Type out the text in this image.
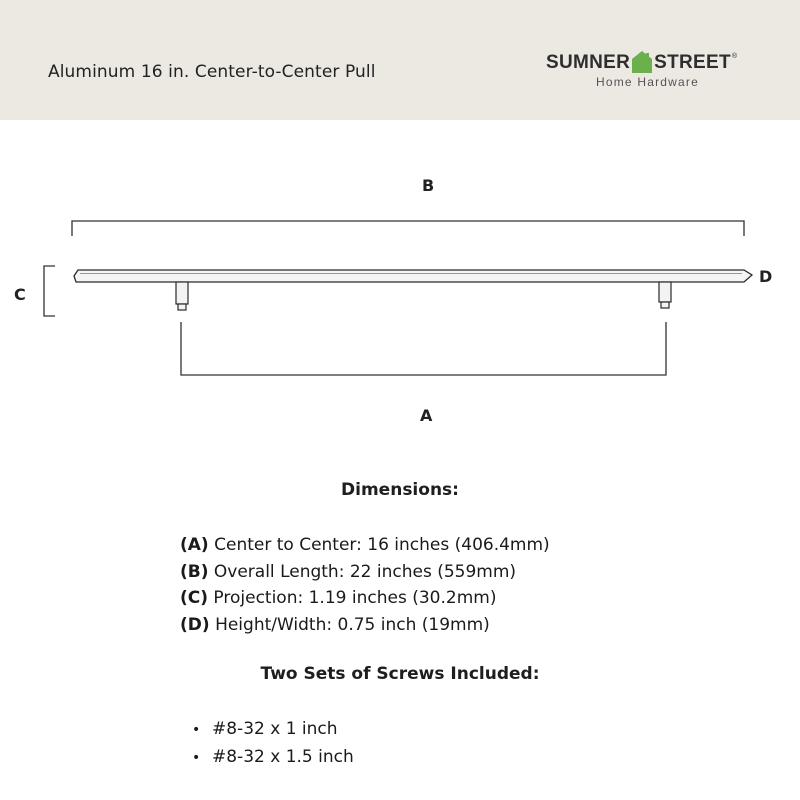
Aluminum 16 in. Center-to-Center Pull	SUMNER STREET®
Home Hardware
B
C
D
A
Dimensions:
(A) Center to Center: 16 inches (406.4mm)
(B) Overall Length: 22 inches (559mm)
(C) Projection: 1.19 inches (30.2mm)
(D) Height/Width: 0.75 inch (19mm)
Two Sets of Screws Included:
• #8-32 x 1 inch
• #8-32 x 1.5 inch
